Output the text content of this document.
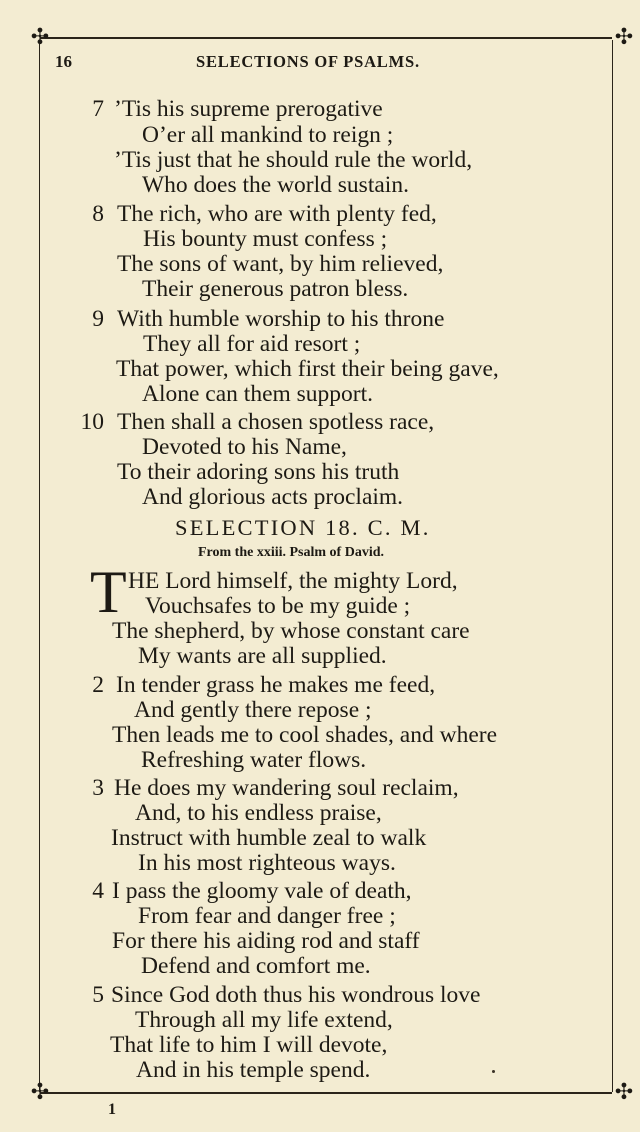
✣	✣
✣	✣
16	SELECTIONS OF PSALMS.
7 ’Tis his supreme prerogative
O’er all mankind to reign ;
’Tis just that he should rule the world,
Who does the world sustain.
8 The rich, who are with plenty fed,
His bounty must confess ;
The sons of want, by him relieved,
Their generous patron bless.
9 With humble worship to his throne
They all for aid resort ;
That power, which first their being gave,
Alone can them support.
10 Then shall a chosen spotless race,
Devoted to his Name,
To their adoring sons his truth
And glorious acts proclaim.
SELECTION 18. C. M.
From the xxiii. Psalm of David.
T HE Lord himself, the mighty Lord,
Vouchsafes to be my guide ;
The shepherd, by whose constant care
My wants are all supplied.
2 In tender grass he makes me feed,
And gently there repose ;
Then leads me to cool shades, and where
Refreshing water flows.
3 He does my wandering soul reclaim,
And, to his endless praise,
Instruct with humble zeal to walk
In his most righteous ways.
4 I pass the gloomy vale of death,
From fear and danger free ;
For there his aiding rod and staff
Defend and comfort me.
5 Since God doth thus his wondrous love
Through all my life extend,
That life to him I will devote,
And in his temple spend.
1
